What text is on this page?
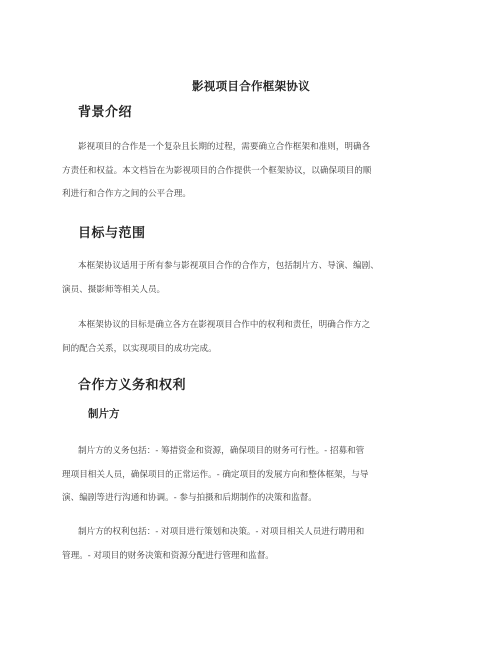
影视项目合作框架协议
背景介绍
影视项目的合作是一个复杂且长期的过程，需要确立合作框架和准则，明确各
方责任和权益。本文档旨在为影视项目的合作提供一个框架协议，以确保项目的顺
利进行和合作方之间的公平合理。
目标与范围
本框架协议适用于所有参与影视项目合作的合作方，包括制片方、导演、编剧、
演员、摄影师等相关人员。
本框架协议的目标是确立各方在影视项目合作中的权利和责任，明确合作方之
间的配合关系，以实现项目的成功完成。
合作方义务和权利
制片方
制片方的义务包括：- 筹措资金和资源，确保项目的财务可行性。- 招募和管
理项目相关人员，确保项目的正常运作。- 确定项目的发展方向和整体框架，与导
演、编剧等进行沟通和协调。- 参与拍摄和后期制作的决策和监督。
制片方的权利包括：- 对项目进行策划和决策。- 对项目相关人员进行聘用和
管理。- 对项目的财务决策和资源分配进行管理和监督。
